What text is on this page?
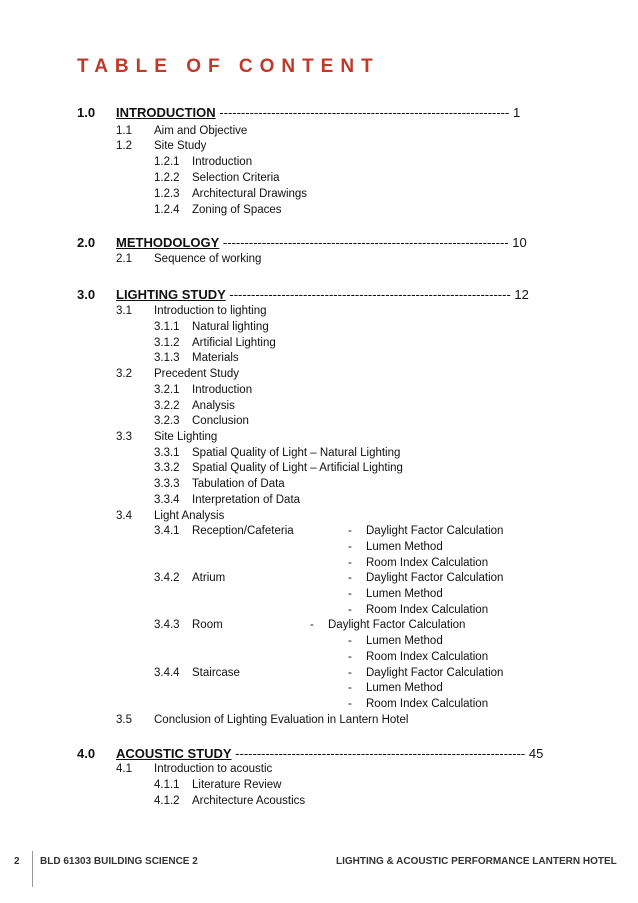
TABLE OF CONTENT
1.0 INTRODUCTION ------------------------------------------------------------------- 1
1.1 Aim and Objective
1.2 Site Study
1.2.1 Introduction
1.2.2 Selection Criteria
1.2.3 Architectural Drawings
1.2.4 Zoning of Spaces
2.0 METHODOLOGY ------------------------------------------------------------------ 10
2.1 Sequence of working
3.0 LIGHTING STUDY ----------------------------------------------------------------- 12
3.1 Introduction to lighting
3.1.1 Natural lighting
3.1.2 Artificial Lighting
3.1.3 Materials
3.2 Precedent Study
3.2.1 Introduction
3.2.2 Analysis
3.2.3 Conclusion
3.3 Site Lighting
3.3.1 Spatial Quality of Light – Natural Lighting
3.3.2 Spatial Quality of Light – Artificial Lighting
3.3.3 Tabulation of Data
3.3.4 Interpretation of Data
3.4 Light Analysis
3.4.1 Reception/Cafeteria	- Daylight Factor Calculation
- Lumen Method
- Room Index Calculation
3.4.2 Atrium	- Daylight Factor Calculation
- Lumen Method
- Room Index Calculation
3.4.3 Room	- Daylight Factor Calculation
- Lumen Method
- Room Index Calculation
3.4.4 Staircase	- Daylight Factor Calculation
- Lumen Method
- Room Index Calculation
3.5 Conclusion of Lighting Evaluation in Lantern Hotel
4.0 ACOUSTIC STUDY ------------------------------------------------------------------- 45
4.1 Introduction to acoustic
4.1.1 Literature Review
4.1.2 Architecture Acoustics
2 BLD 61303 BUILDING SCIENCE 2	LIGHTING & ACOUSTIC PERFORMANCE LANTERN HOTEL
